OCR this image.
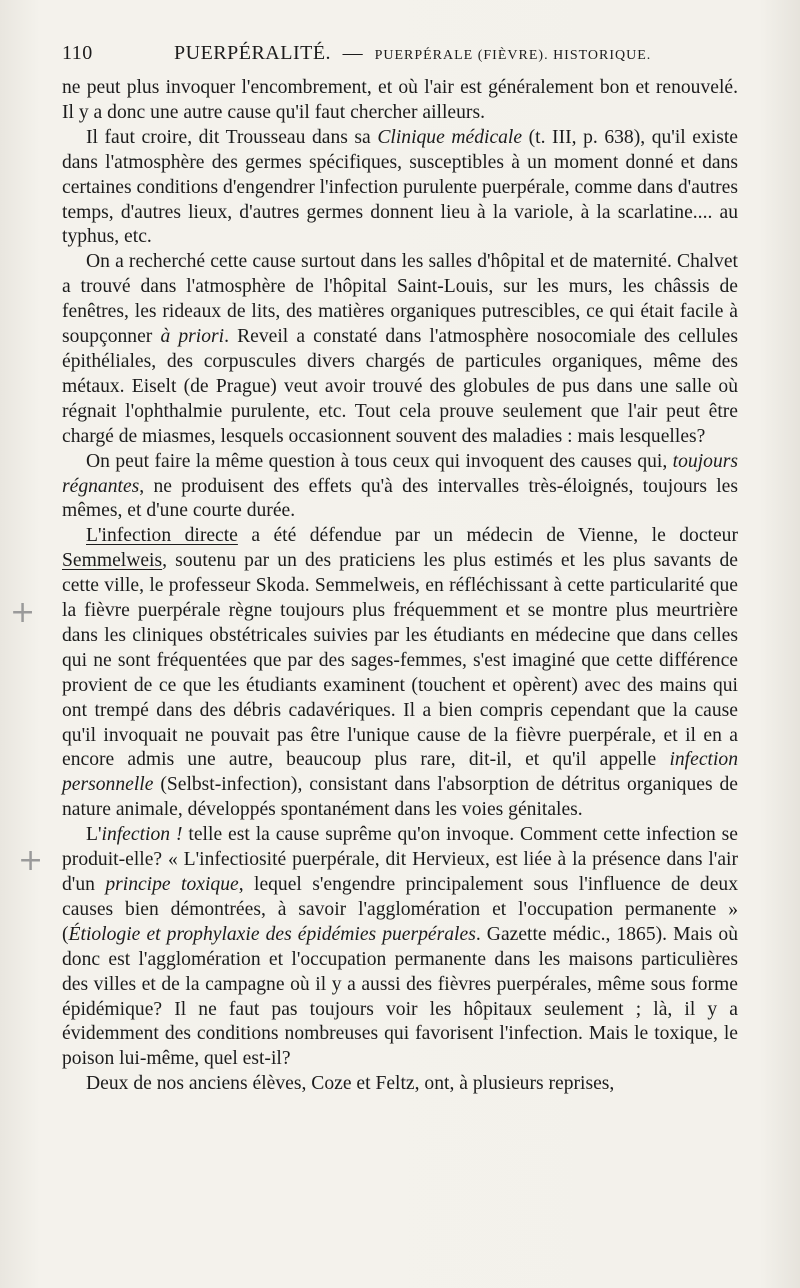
110	PUERPÉRALITÉ. — PUERPÉRALE (FIÈVRE). HISTORIQUE.

ne peut plus invoquer l'encombrement, et où l'air est généralement bon et renouvelé. Il y a donc une autre cause qu'il faut chercher ailleurs.

Il faut croire, dit Trousseau dans sa Clinique médicale (t. III, p. 638), qu'il existe dans l'atmosphère des germes spécifiques, susceptibles à un moment donné et dans certaines conditions d'engendrer l'infection purulente puerpérale, comme dans d'autres temps, d'autres lieux, d'autres germes donnent lieu à la variole, à la scarlatine.... au typhus, etc.

On a recherché cette cause surtout dans les salles d'hôpital et de maternité. Chalvet a trouvé dans l'atmosphère de l'hôpital Saint-Louis, sur les murs, les châssis de fenêtres, les rideaux de lits, des matières organiques putrescibles, ce qui était facile à soupçonner à priori. Reveil a constaté dans l'atmosphère nosocomiale des cellules épithéliales, des corpuscules divers chargés de particules organiques, même des métaux. Eiselt (de Prague) veut avoir trouvé des globules de pus dans une salle où régnait l'ophthalmie purulente, etc. Tout cela prouve seulement que l'air peut être chargé de miasmes, lesquels occasionnent souvent des maladies : mais lesquelles?

On peut faire la même question à tous ceux qui invoquent des causes qui, toujours régnantes, ne produisent des effets qu'à des intervalles très-éloignés, toujours les mêmes, et d'une courte durée.

L'infection directe a été défendue par un médecin de Vienne, le docteur Semmelweis, soutenu par un des praticiens les plus estimés et les plus savants de cette ville, le professeur Skoda. Semmelweis, en réfléchissant à cette particularité que la fièvre puerpérale règne toujours plus fréquemment et se montre plus meurtrière dans les cliniques obstétricales suivies par les étudiants en médecine que dans celles qui ne sont fréquentées que par des sages-femmes, s'est imaginé que cette différence provient de ce que les étudiants examinent (touchent et opèrent) avec des mains qui ont trempé dans des débris cadavériques. Il a bien compris cependant que la cause qu'il invoquait ne pouvait pas être l'unique cause de la fièvre puerpérale, et il en a encore admis une autre, beaucoup plus rare, dit-il, et qu'il appelle infection personnelle (Selbst-infection), consistant dans l'absorption de détritus organiques de nature animale, développés spontanément dans les voies génitales.

L'infection ! telle est la cause suprême qu'on invoque. Comment cette infection se produit-elle? « L'infectiosité puerpérale, dit Hervieux, est liée à la présence dans l'air d'un principe toxique, lequel s'engendre principalement sous l'influence de deux causes bien démontrées, à savoir l'agglomération et l'occupation permanente » (Étiologie et prophylaxie des épidémies puerpérales. Gazette médic., 1865). Mais où donc est l'agglomération et l'occupation permanente dans les maisons particulières des villes et de la campagne où il y a aussi des fièvres puerpérales, même sous forme épidémique? Il ne faut pas toujours voir les hôpitaux seulement ; là, il y a évidemment des conditions nombreuses qui favorisent l'infection. Mais le toxique, le poison lui-même, quel est-il?

Deux de nos anciens élèves, Coze et Feltz, ont, à plusieurs reprises,

+
+
